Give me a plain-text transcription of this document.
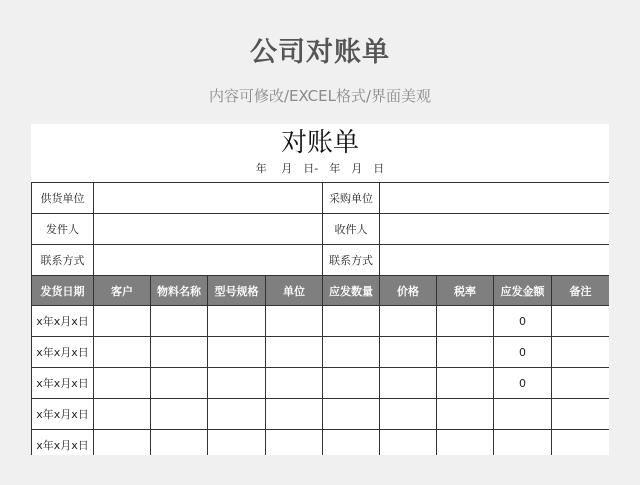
公司对账单
内容可修改/EXCEL格式/界面美观
对账单
年　 月　日-　年　月　日
供货单位					采购单位				
发件人					收件人				
联系方式					联系方式				
发货日期	客户	物料名称	型号规格	单位	应发数量	价格	税率	应发金额	备注
x年x月x日								0	
x年x月x日								0	
x年x月x日								0	
x年x月x日									
x年x月x日									
